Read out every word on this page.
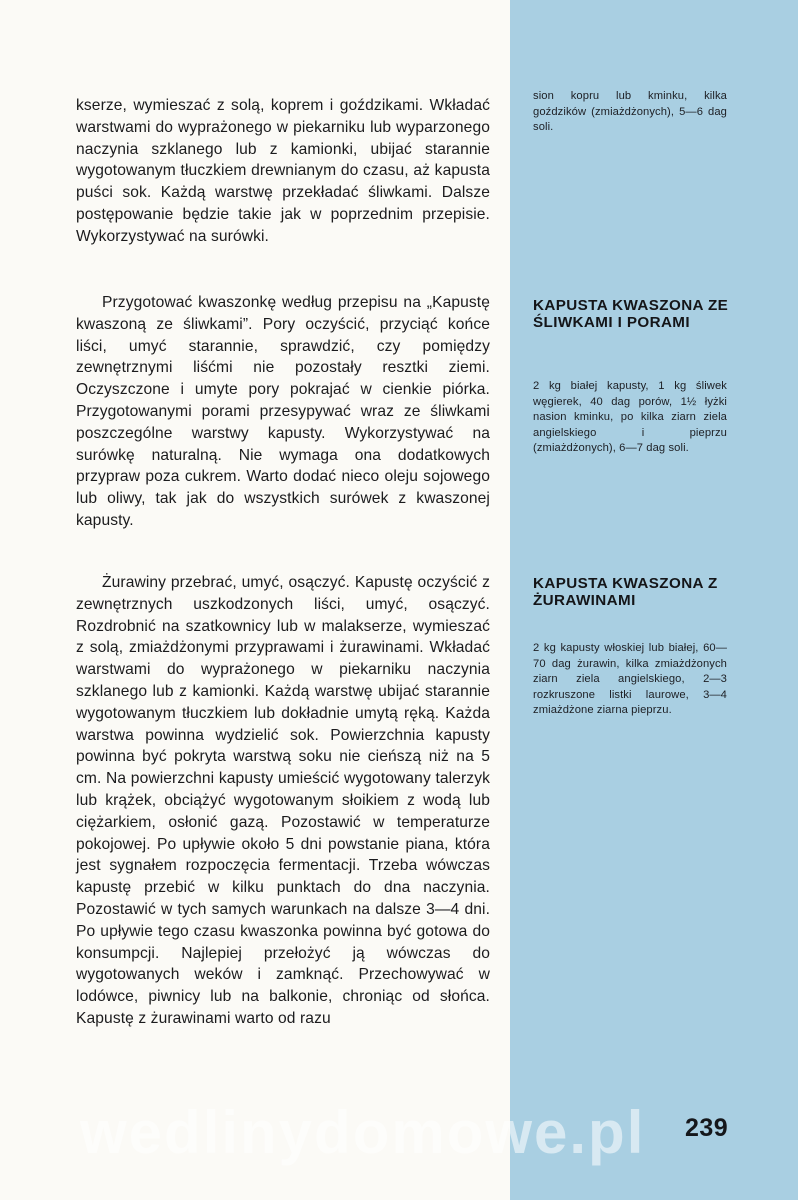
kserze, wymieszać z solą, koprem i goździkami. Wkładać warstwami do wyprażonego w piekarniku lub wyparzonego naczynia szklanego lub z kamionki, ubijać starannie wygotowanym tłuczkiem drewnianym do czasu, aż kapusta puści sok. Każdą warstwę przekładać śliwkami. Dalsze postępowanie będzie takie jak w poprzednim przepisie. Wykorzystywać na surówki.

Przygotować kwaszonkę według przepisu na „Kapustę kwaszoną ze śliwkami”. Pory oczyścić, przyciąć końce liści, umyć starannie, sprawdzić, czy pomiędzy zewnętrznymi liśćmi nie pozostały resztki ziemi. Oczyszczone i umyte pory pokrajać w cienkie piórka. Przygotowanymi porami przesypywać wraz ze śliwkami poszczególne warstwy kapusty. Wykorzystywać na surówkę naturalną. Nie wymaga ona dodatkowych przypraw poza cukrem. Warto dodać nieco oleju sojowego lub oliwy, tak jak do wszystkich surówek z kwaszonej kapusty.

Żurawiny przebrać, umyć, osączyć. Kapustę oczyścić z zewnętrznych uszkodzonych liści, umyć, osączyć. Rozdrobnić na szatkownicy lub w malakserze, wymieszać z solą, zmiażdżonymi przyprawami i żurawinami. Wkładać warstwami do wyprażonego w piekarniku naczynia szklanego lub z kamionki. Każdą warstwę ubijać starannie wygotowanym tłuczkiem lub dokładnie umytą ręką. Każda warstwa powinna wydzielić sok. Powierzchnia kapusty powinna być pokryta warstwą soku nie cieńszą niż na 5 cm. Na powierzchni kapusty umieścić wygotowany talerzyk lub krążek, obciążyć wygotowanym słoikiem z wodą lub ciężarkiem, osłonić gazą. Pozostawić w temperaturze pokojowej. Po upływie około 5 dni powstanie piana, która jest sygnałem rozpoczęcia fermentacji. Trzeba wówczas kapustę przebić w kilku punktach do dna naczynia. Pozostawić w tych samych warunkach na dalsze 3—4 dni. Po upływie tego czasu kwaszonka powinna być gotowa do konsumpcji. Najlepiej przełożyć ją wówczas do wygotowanych weków i zamknąć. Przechowywać w lodówce, piwnicy lub na balkonie, chroniąc od słońca. Kapustę z żurawinami warto od razu

sion kopru lub kminku, kilka goździków (zmiażdżonych), 5—6 dag soli.

KAPUSTA KWASZONA ZE ŚLIWKAMI I PORAMI

2 kg białej kapusty, 1 kg śliwek węgierek, 40 dag porów, 1½ łyżki nasion kminku, po kilka ziarn ziela angielskiego i pieprzu (zmiażdżonych), 6—7 dag soli.

KAPUSTA KWASZONA Z ŻURAWINAMI

2 kg kapusty włoskiej lub białej, 60—70 dag żurawin, kilka zmiażdżonych ziarn ziela angielskiego, 2—3 rozkruszone listki laurowe, 3—4 zmiażdżone ziarna pieprzu.

wedlinydomowe.pl	239
